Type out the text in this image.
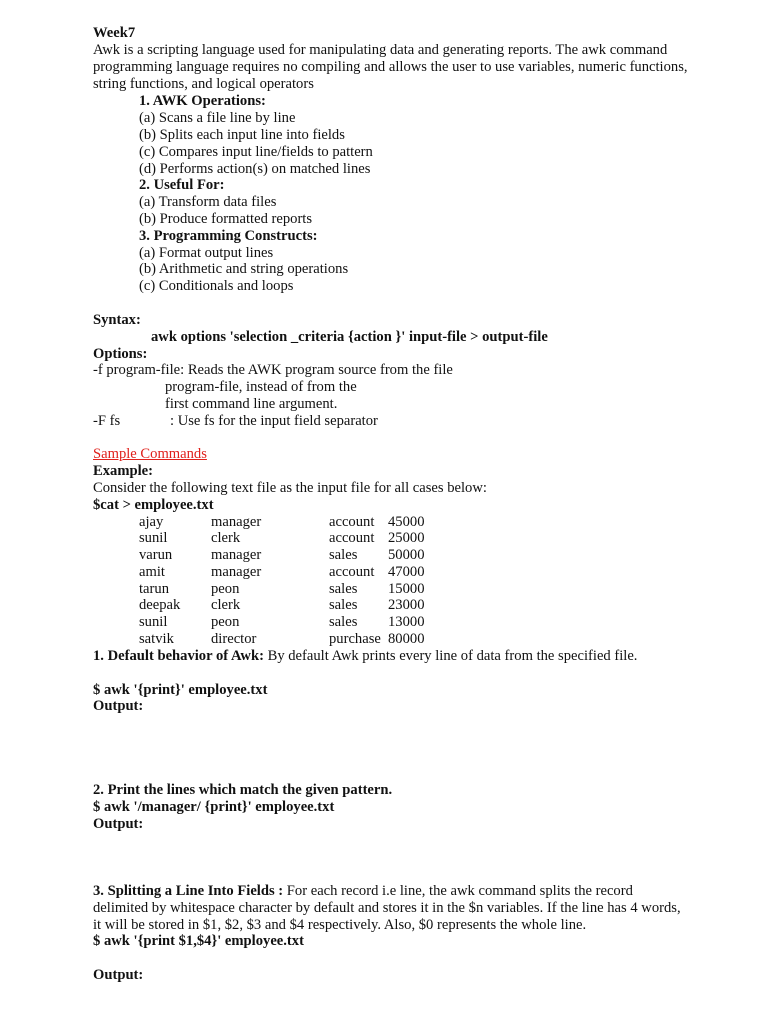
Week7
Awk is a scripting language used for manipulating data and generating reports. The awk command
programming language requires no compiling and allows the user to use variables, numeric functions,
string functions, and logical operators
1. AWK Operations:
(a) Scans a file line by line
(b) Splits each input line into fields
(c) Compares input line/fields to pattern
(d) Performs action(s) on matched lines
2. Useful For:
(a) Transform data files
(b) Produce formatted reports
3. Programming Constructs:
(a) Format output lines
(b) Arithmetic and string operations
(c) Conditionals and loops
Syntax:
awk options 'selection _criteria {action }' input-file > output-file
Options:
-f program-file: Reads the AWK program source from the file
program-file, instead of from the
first command line argument.
-F fs	: Use fs for the input field separator
Sample Commands
Example:
Consider the following text file as the input file for all cases below:
$cat > employee.txt
ajay	manager	account 45000
sunil	clerk	account 25000
varun	manager	sales 50000
amit	manager	account 47000
tarun	peon	sales 15000
deepak clerk	sales 23000
sunil	peon	sales 13000
satvik	director	purchase 80000
1. Default behavior of Awk: By default Awk prints every line of data from the specified file.
$ awk '{print}' employee.txt
Output:
2. Print the lines which match the given pattern.
$ awk '/manager/ {print}' employee.txt
Output:
3. Splitting a Line Into Fields : For each record i.e line, the awk command splits the record
delimited by whitespace character by default and stores it in the $n variables. If the line has 4 words,
it will be stored in $1, $2, $3 and $4 respectively. Also, $0 represents the whole line.
$ awk '{print $1,$4}' employee.txt
Output:
